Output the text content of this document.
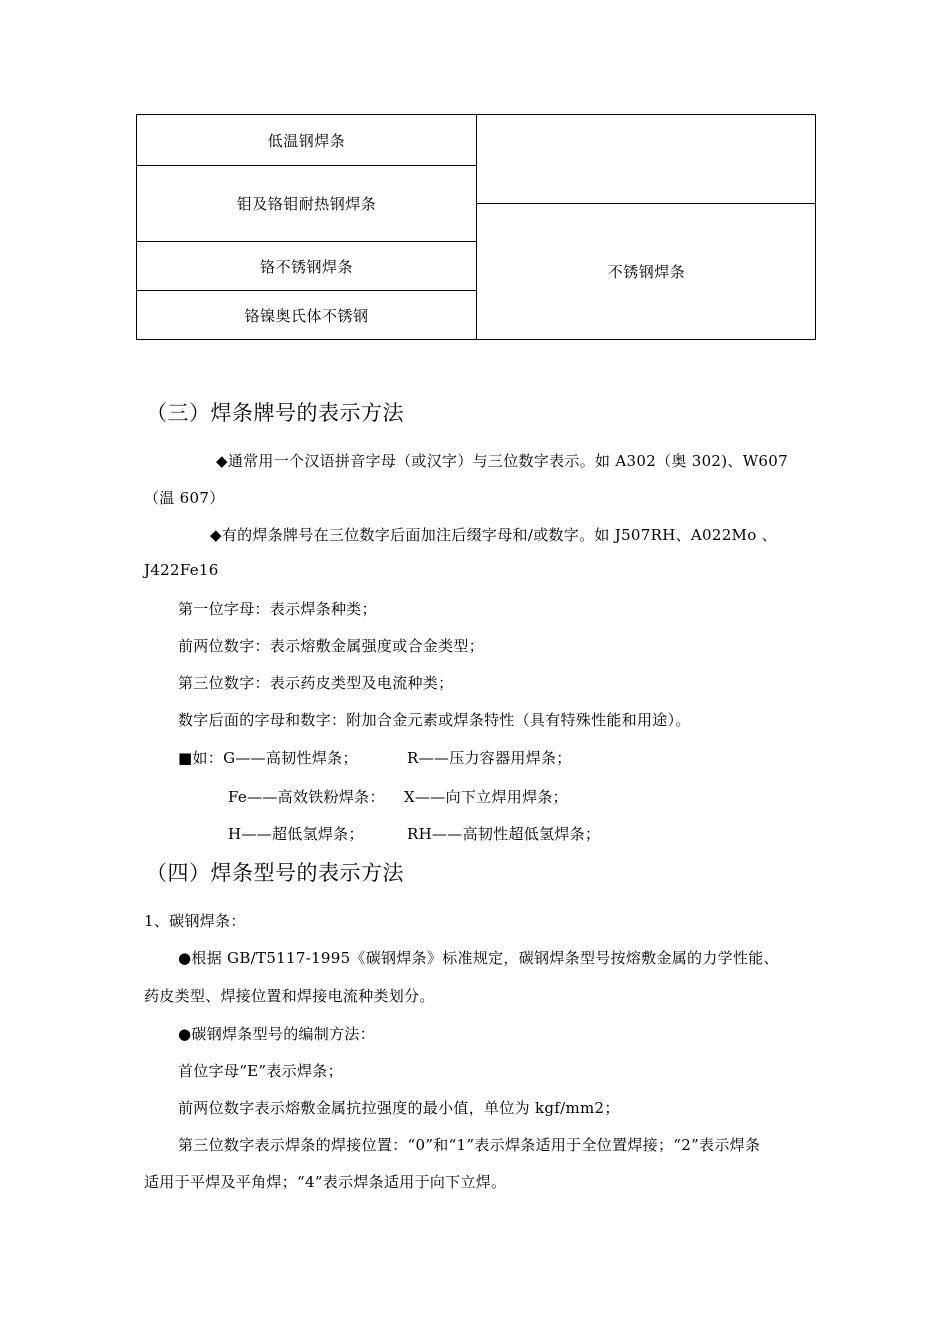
低温钢焊条
钼及铬钼耐热钢焊条
铬不锈钢焊条
铬镍奥氏体不锈钢
不锈钢焊条
（三）焊条牌号的表示方法
◆通常用一个汉语拼音字母（或汉字）与三位数字表示。如 A302（奥 302)、W607
（温 607）
◆有的焊条牌号在三位数字后面加注后缀字母和/或数字。如 J507RH、A022Mo 、
J422Fe16
第一位字母：表示焊条种类；
前两位数字：表示熔敷金属强度或合金类型；
第三位数字：表示药皮类型及电流种类；
数字后面的字母和数字：附加合金元素或焊条特性（具有特殊性能和用途）。
■如：G——高韧性焊条；	R——压力容器用焊条；
Fe——高效铁粉焊条： X——向下立焊用焊条；
H——超低氢焊条；	RH——高韧性超低氢焊条；
（四）焊条型号的表示方法
1、碳钢焊条：
●根据 GB/T5117-1995《碳钢焊条》标准规定，碳钢焊条型号按熔敷金属的力学性能、
药皮类型、焊接位置和焊接电流种类划分。
●碳钢焊条型号的编制方法：
首位字母“E”表示焊条；
前两位数字表示熔敷金属抗拉强度的最小值，单位为 kgf/mm2；
第三位数字表示焊条的焊接位置：“0”和“1”表示焊条适用于全位置焊接；“2”表示焊条
适用于平焊及平角焊；“4”表示焊条适用于向下立焊。
